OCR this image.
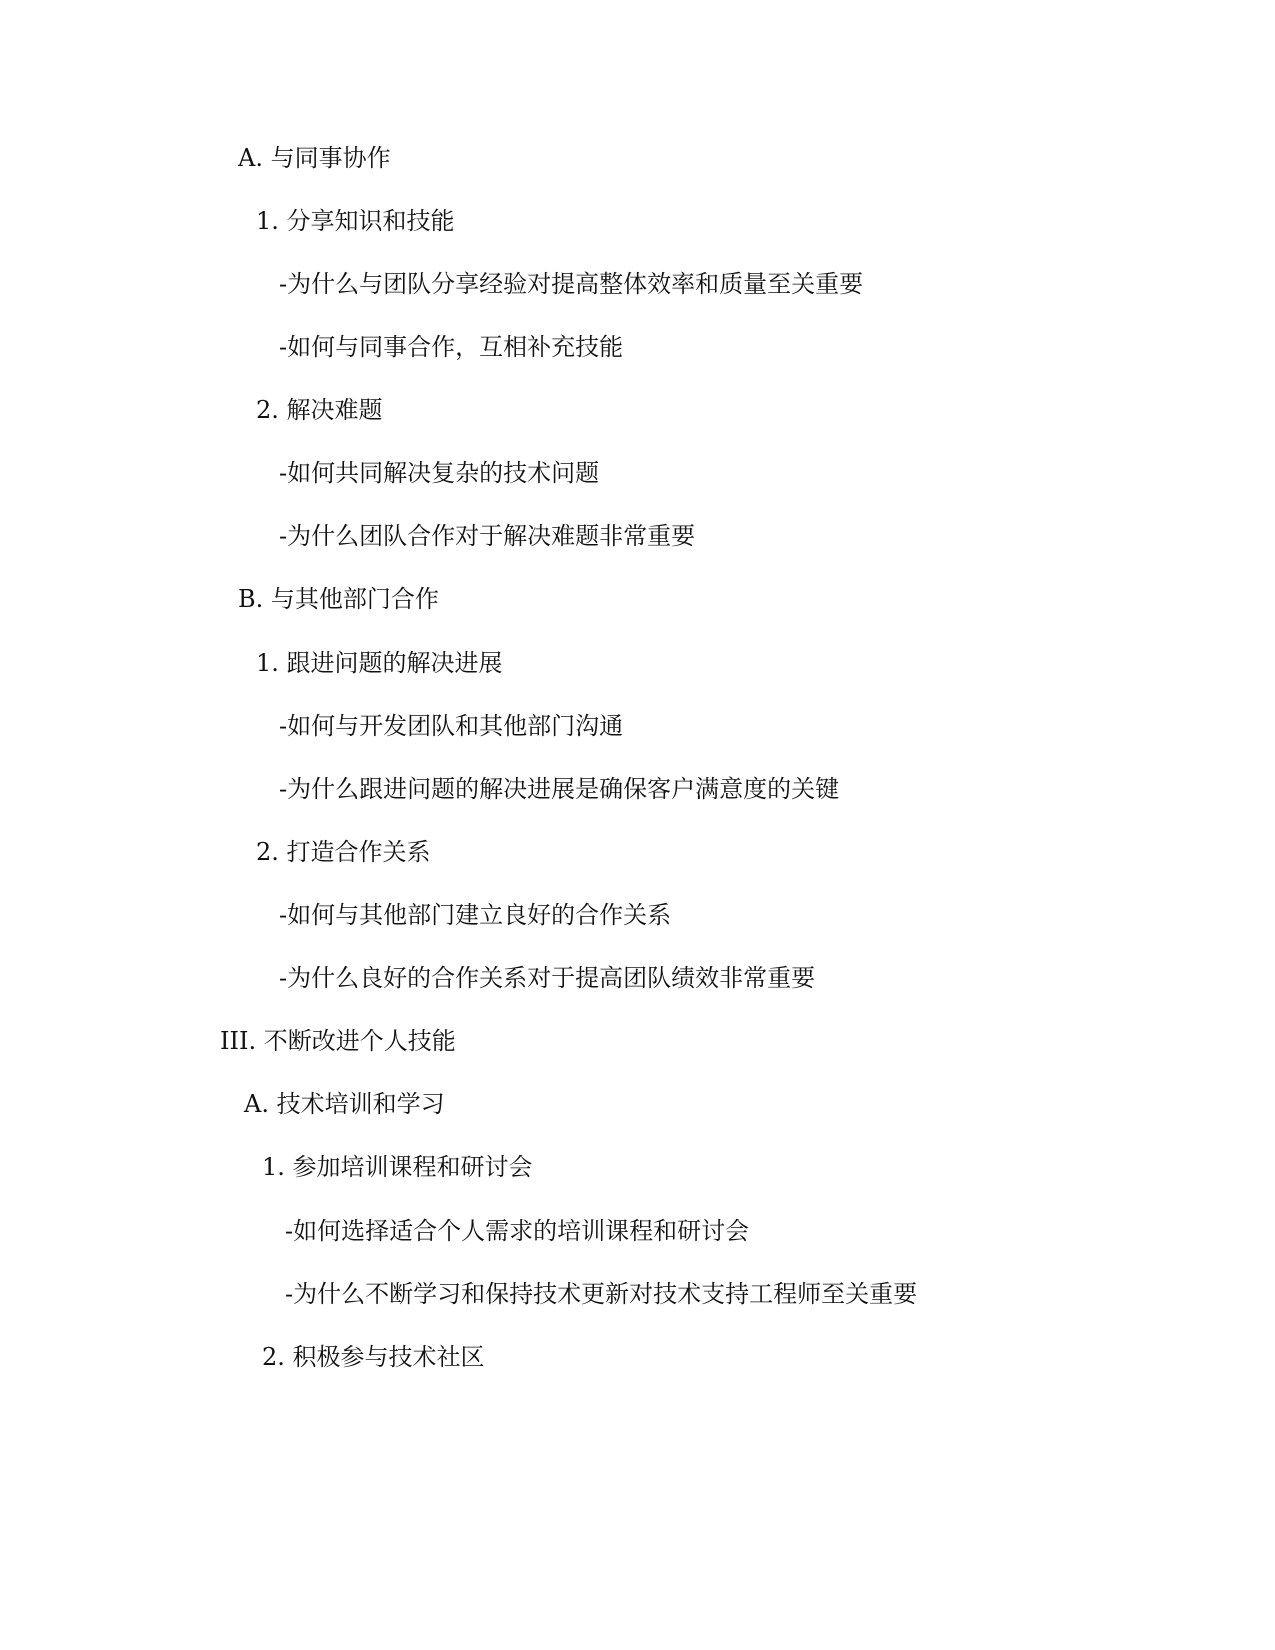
A. 与同事协作
1. 分享知识和技能
-为什么与团队分享经验对提高整体效率和质量至关重要
-如何与同事合作，互相补充技能
2. 解决难题
-如何共同解决复杂的技术问题
-为什么团队合作对于解决难题非常重要
B. 与其他部门合作
1. 跟进问题的解决进展
-如何与开发团队和其他部门沟通
-为什么跟进问题的解决进展是确保客户满意度的关键
2. 打造合作关系
-如何与其他部门建立良好的合作关系
-为什么良好的合作关系对于提高团队绩效非常重要
III. 不断改进个人技能
A. 技术培训和学习
1. 参加培训课程和研讨会
-如何选择适合个人需求的培训课程和研讨会
-为什么不断学习和保持技术更新对技术支持工程师至关重要
2. 积极参与技术社区
